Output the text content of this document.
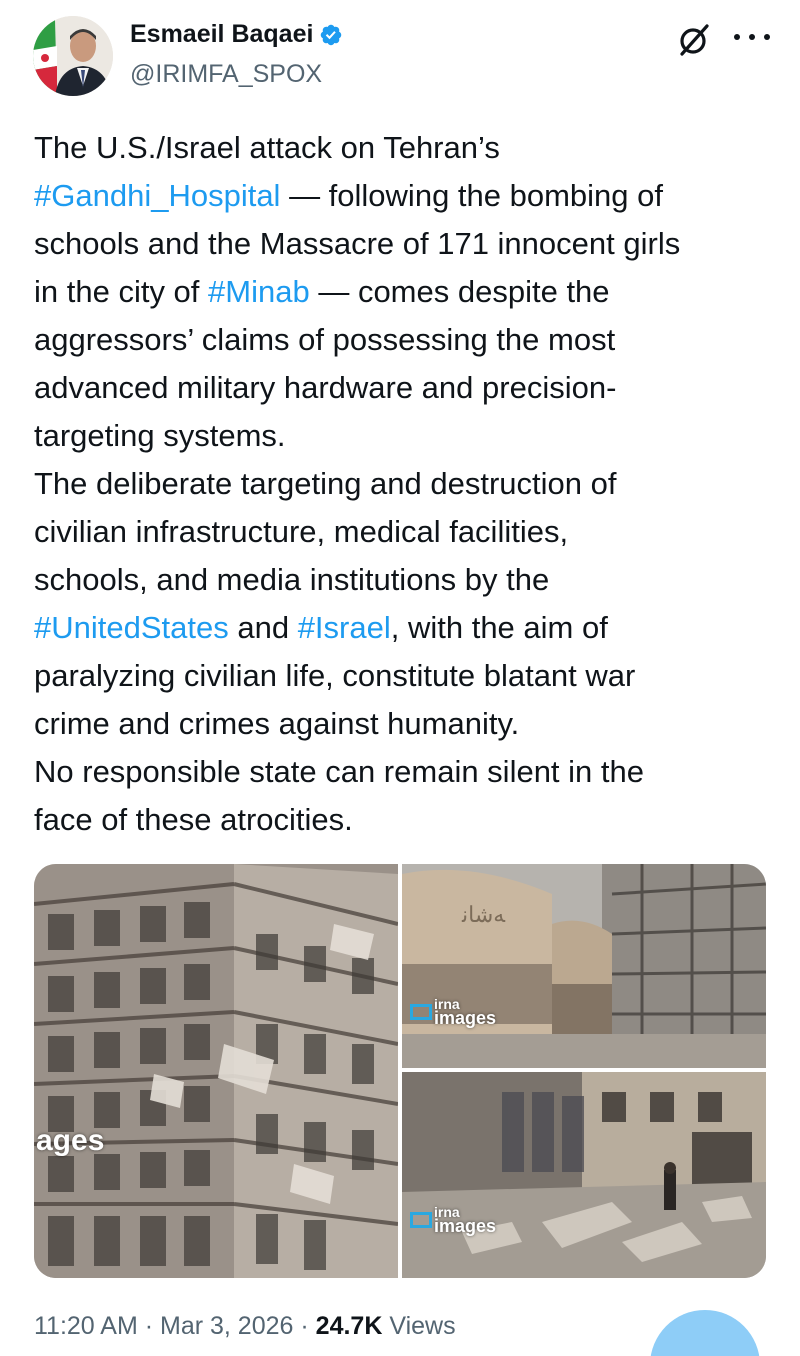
Esmaeil Baqaei
@IRIMFA_SPOX
The U.S./Israel attack on Tehran’s
#Gandhi_Hospital — following the bombing of
schools and the Massacre of 171 innocent girls
in the city of #Minab — comes despite the
aggressors’ claims of possessing the most
advanced military hardware and precision-
targeting systems.
The deliberate targeting and destruction of
civilian infrastructure, medical facilities,
schools, and media institutions by the
#UnitedStates and #Israel, with the aim of
paralyzing civilian life, constitute blatant war
crime and crimes against humanity.
No responsible state can remain silent in the
face of these atrocities.
ages
ﻪﺷﺎﻧ
irna
images
irna
images
11:20 AM · Mar 3, 2026 · 24.7K Views
